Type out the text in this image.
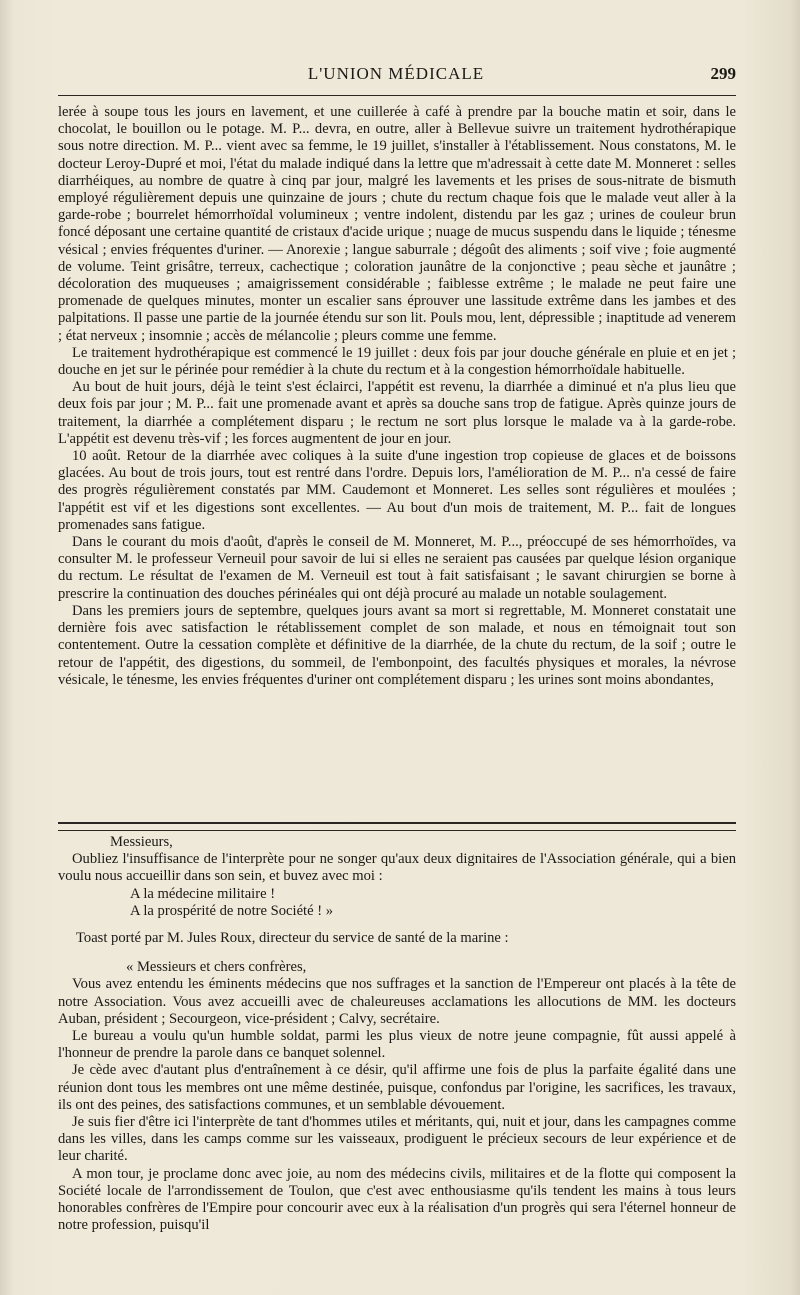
L'UNION MÉDICALE	299

lerée à soupe tous les jours en lavement, et une cuillerée à café à prendre par la bouche matin et soir, dans le chocolat, le bouillon ou le potage. M. P... devra, en outre, aller à Bellevue suivre un traitement hydrothérapique sous notre direction. M. P... vient avec sa femme, le 19 juillet, s'installer à l'établissement. Nous constatons, M. le docteur Leroy-Dupré et moi, l'état du malade indiqué dans la lettre que m'adressait à cette date M. Monneret : selles diarrhéiques, au nombre de quatre à cinq par jour, malgré les lavements et les prises de sous-nitrate de bismuth employé régulièrement depuis une quinzaine de jours ; chute du rectum chaque fois que le malade veut aller à la garde-robe ; bourrelet hémorrhoïdal volumineux ; ventre indolent, distendu par les gaz ; urines de couleur brun foncé déposant une certaine quantité de cristaux d'acide urique ; nuage de mucus suspendu dans le liquide ; ténesme vésical ; envies fréquentes d'uriner. — Anorexie ; langue saburrale ; dégoût des aliments ; soif vive ; foie augmenté de volume. Teint grisâtre, terreux, cachectique ; coloration jaunâtre de la conjonctive ; peau sèche et jaunâtre ; décoloration des muqueuses ; amaigrissement considérable ; faiblesse extrême ; le malade ne peut faire une promenade de quelques minutes, monter un escalier sans éprouver une lassitude extrême dans les jambes et des palpitations. Il passe une partie de la journée étendu sur son lit. Pouls mou, lent, dépressible ; inaptitude ad venerem ; état nerveux ; insomnie ; accès de mélancolie ; pleurs comme une femme.

Le traitement hydrothérapique est commencé le 19 juillet : deux fois par jour douche générale en pluie et en jet ; douche en jet sur le périnée pour remédier à la chute du rectum et à la congestion hémorrhoïdale habituelle.

Au bout de huit jours, déjà le teint s'est éclairci, l'appétit est revenu, la diarrhée a diminué et n'a plus lieu que deux fois par jour ; M. P... fait une promenade avant et après sa douche sans trop de fatigue. Après quinze jours de traitement, la diarrhée a complétement disparu ; le rectum ne sort plus lorsque le malade va à la garde-robe. L'appétit est devenu très-vif ; les forces augmentent de jour en jour.

10 août. Retour de la diarrhée avec coliques à la suite d'une ingestion trop copieuse de glaces et de boissons glacées. Au bout de trois jours, tout est rentré dans l'ordre. Depuis lors, l'amélioration de M. P... n'a cessé de faire des progrès régulièrement constatés par MM. Caudemont et Monneret. Les selles sont régulières et moulées ; l'appétit est vif et les digestions sont excellentes. — Au bout d'un mois de traitement, M. P... fait de longues promenades sans fatigue.

Dans le courant du mois d'août, d'après le conseil de M. Monneret, M. P..., préoccupé de ses hémorrhoïdes, va consulter M. le professeur Verneuil pour savoir de lui si elles ne seraient pas causées par quelque lésion organique du rectum. Le résultat de l'examen de M. Verneuil est tout à fait satisfaisant ; le savant chirurgien se borne à prescrire la continuation des douches périnéales qui ont déjà procuré au malade un notable soulagement.

Dans les premiers jours de septembre, quelques jours avant sa mort si regrettable, M. Monneret constatait une dernière fois avec satisfaction le rétablissement complet de son malade, et nous en témoignait tout son contentement. Outre la cessation complète et définitive de la diarrhée, de la chute du rectum, de la soif ; outre le retour de l'appétit, des digestions, du sommeil, de l'embonpoint, des facultés physiques et morales, la névrose vésicale, le ténesme, les envies fréquentes d'uriner ont complétement disparu ; les urines sont moins abondantes,

Messieurs,

Oubliez l'insuffisance de l'interprète pour ne songer qu'aux deux dignitaires de l'Association générale, qui a bien voulu nous accueillir dans son sein, et buvez avec moi :

A la médecine militaire !

A la prospérité de notre Société ! »

Toast porté par M. Jules Roux, directeur du service de santé de la marine :

« Messieurs et chers confrères,

Vous avez entendu les éminents médecins que nos suffrages et la sanction de l'Empereur ont placés à la tête de notre Association. Vous avez accueilli avec de chaleureuses acclamations les allocutions de MM. les docteurs Auban, président ; Secourgeon, vice-président ; Calvy, secrétaire.

Le bureau a voulu qu'un humble soldat, parmi les plus vieux de notre jeune compagnie, fût aussi appelé à l'honneur de prendre la parole dans ce banquet solennel.

Je cède avec d'autant plus d'entraînement à ce désir, qu'il affirme une fois de plus la parfaite égalité dans une réunion dont tous les membres ont une même destinée, puisque, confondus par l'origine, les sacrifices, les travaux, ils ont des peines, des satisfactions communes, et un semblable dévouement.

Je suis fier d'être ici l'interprète de tant d'hommes utiles et méritants, qui, nuit et jour, dans les campagnes comme dans les villes, dans les camps comme sur les vaisseaux, prodiguent le précieux secours de leur expérience et de leur charité.

A mon tour, je proclame donc avec joie, au nom des médecins civils, militaires et de la flotte qui composent la Société locale de l'arrondissement de Toulon, que c'est avec enthousiasme qu'ils tendent les mains à tous leurs honorables confrères de l'Empire pour concourir avec eux à la réalisation d'un progrès qui sera l'éternel honneur de notre profession, puisqu'il
